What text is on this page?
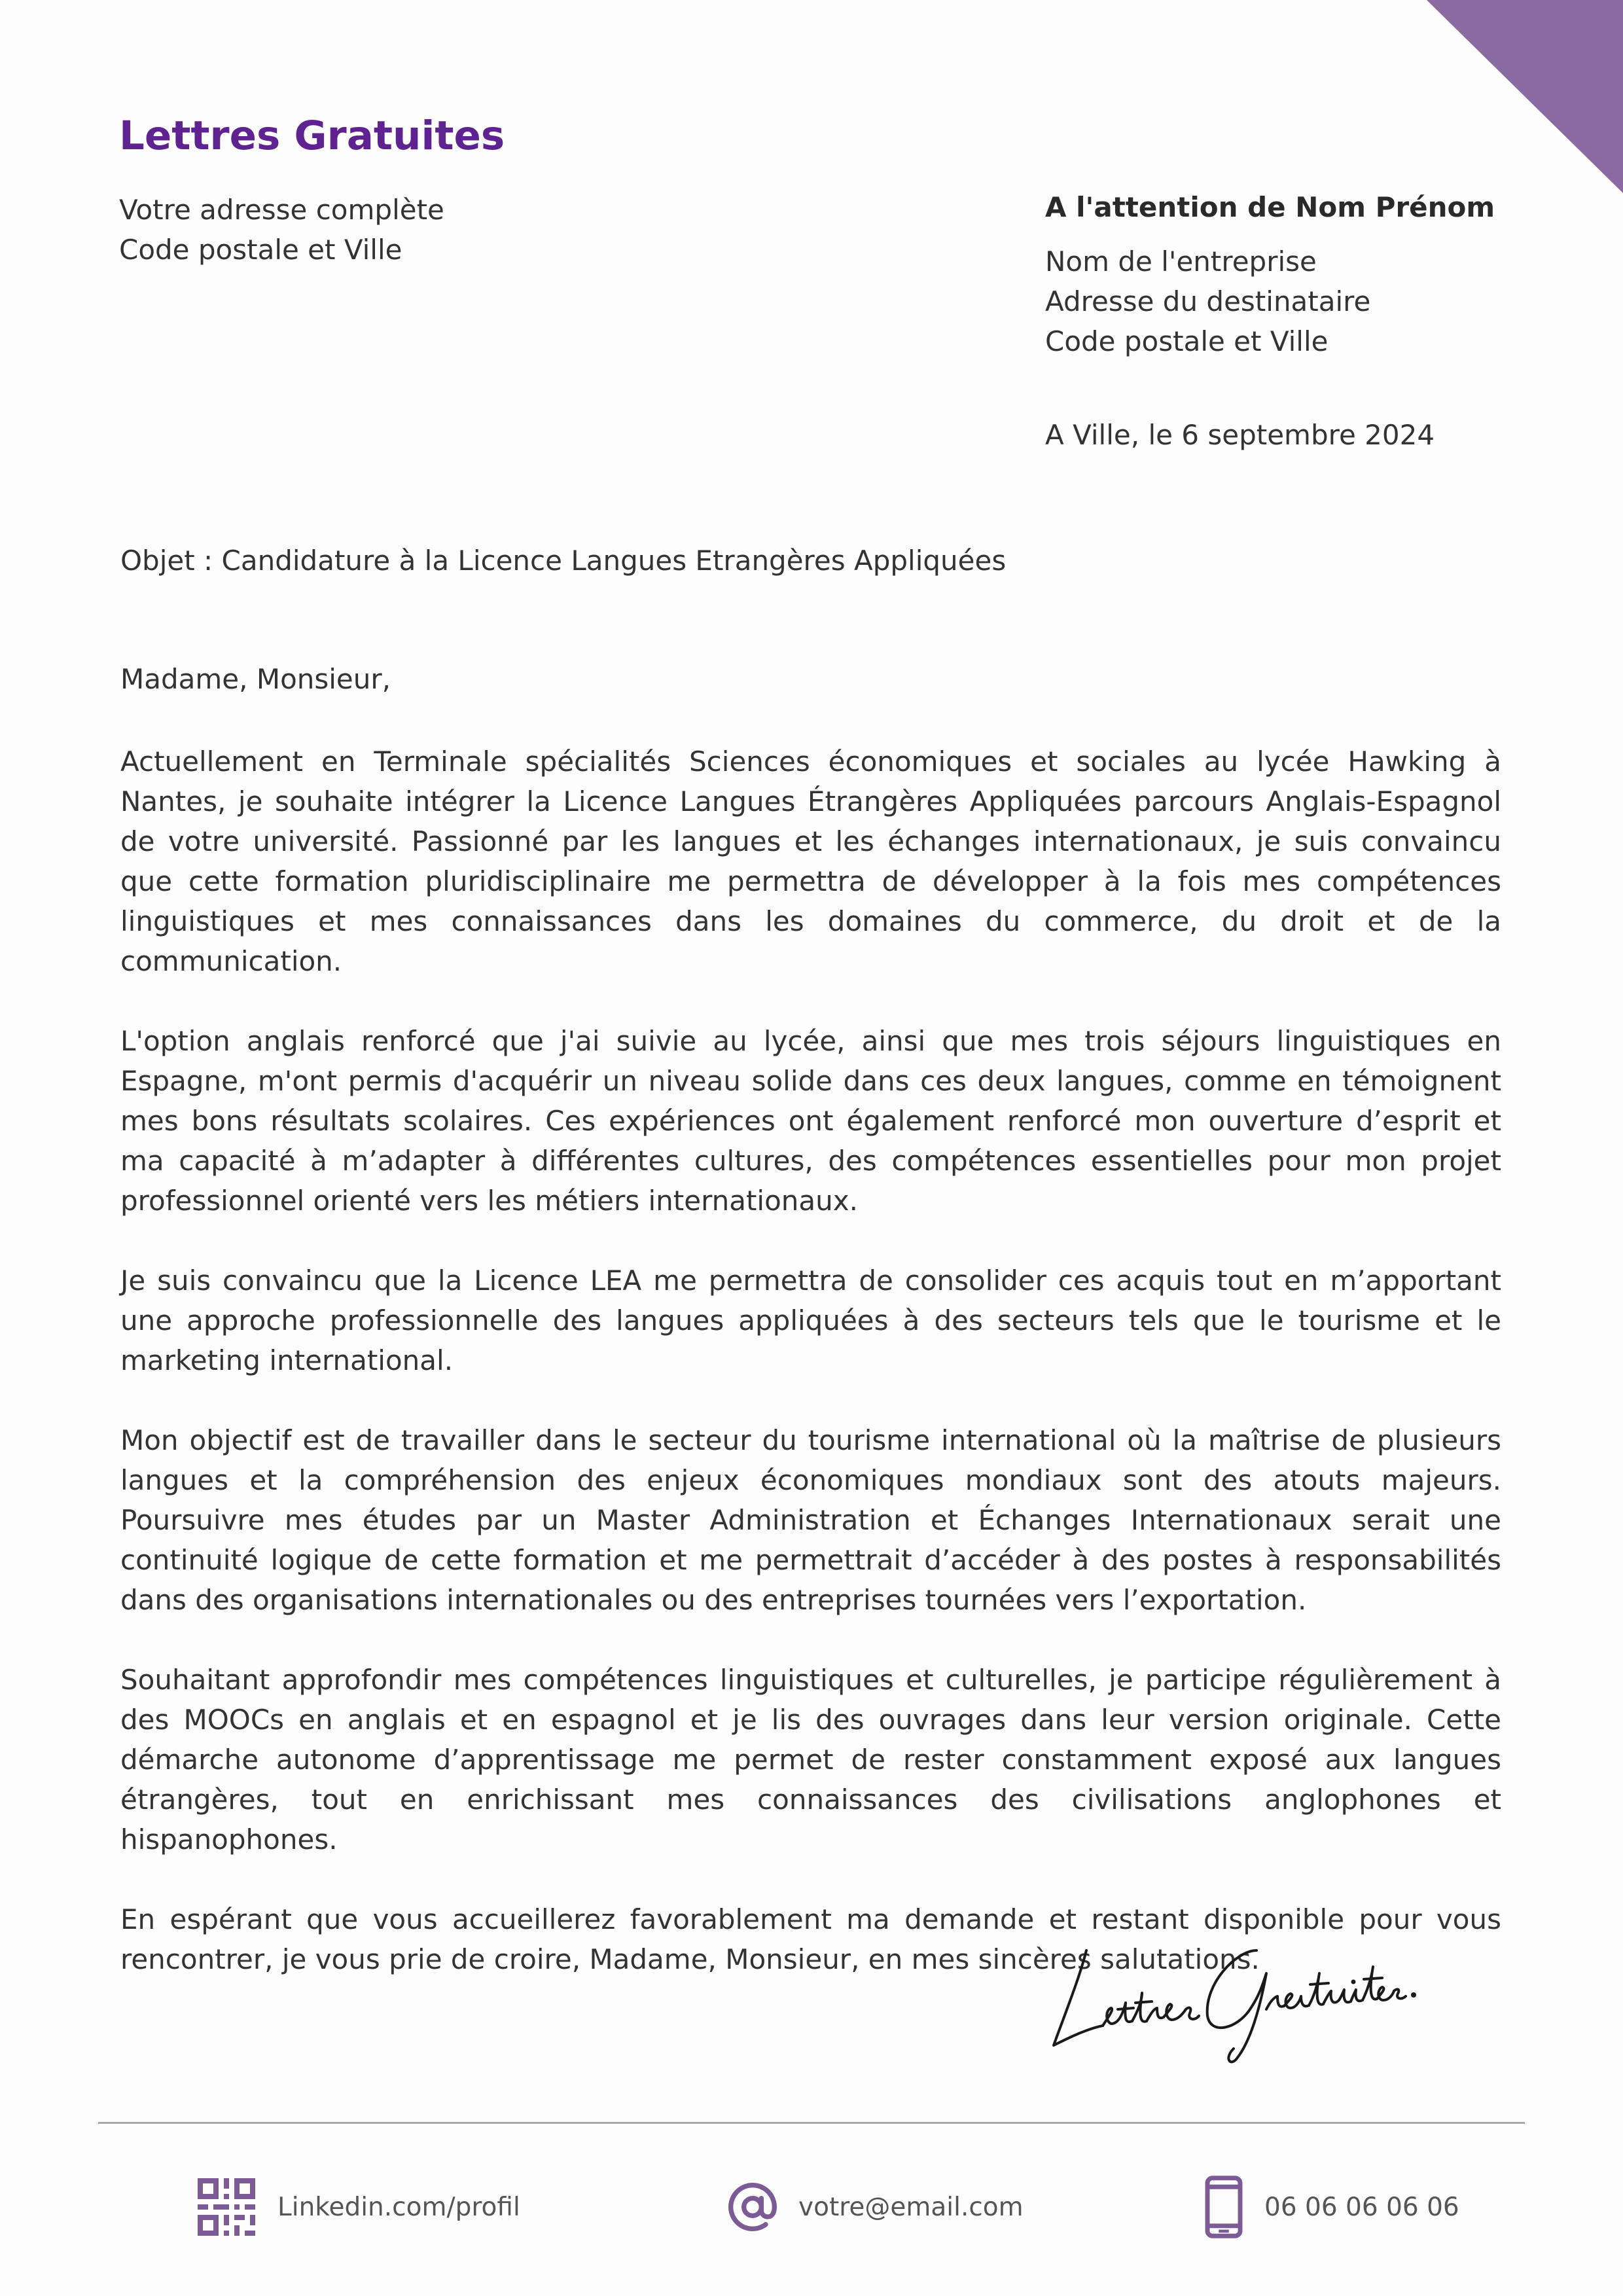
Lettres Gratuites
Votre adresse complète
Code postale et Ville
A l'attention de Nom Prénom
Nom de l'entreprise
Adresse du destinataire
Code postale et Ville
A Ville, le 6 septembre 2024
Objet : Candidature à la Licence Langues Etrangères Appliquées
Madame, Monsieur,

Actuellement en Terminale spécialités Sciences économiques et sociales au lycée Hawking à Nantes, je souhaite intégrer la Licence Langues Étrangères Appliquées parcours Anglais-Espagnol de votre université. Passionné par les langues et les échanges internationaux, je suis convaincu que cette formation pluridisciplinaire me permettra de développer à la fois mes compétences linguistiques et mes connaissances dans les domaines du commerce, du droit et de la communication.

L'option anglais renforcé que j'ai suivie au lycée, ainsi que mes trois séjours linguistiques en Espagne, m'ont permis d'acquérir un niveau solide dans ces deux langues, comme en témoignent mes bons résultats scolaires. Ces expériences ont également renforcé mon ouverture d’esprit et ma capacité à m’adapter à différentes cultures, des compétences essentielles pour mon projet professionnel orienté vers les métiers internationaux.

Je suis convaincu que la Licence LEA me permettra de consolider ces acquis tout en m’apportant une approche professionnelle des langues appliquées à des secteurs tels que le tourisme et le marketing international.

Mon objectif est de travailler dans le secteur du tourisme international où la maîtrise de plusieurs langues et la compréhension des enjeux économiques mondiaux sont des atouts majeurs. Poursuivre mes études par un Master Administration et Échanges Internationaux serait une continuité logique de cette formation et me permettrait d’accéder à des postes à responsabilités dans des organisations internationales ou des entreprises tournées vers l’exportation.

Souhaitant approfondir mes compétences linguistiques et culturelles, je participe régulièrement à des MOOCs en anglais et en espagnol et je lis des ouvrages dans leur version originale. Cette démarche autonome d’apprentissage me permet de rester constamment exposé aux langues étrangères, tout en enrichissant mes connaissances des civilisations anglophones et hispanophones.

En espérant que vous accueillerez favorablement ma demande et restant disponible pour vous rencontrer, je vous prie de croire, Madame, Monsieur, en mes sincères salutations.

Linkedin.com/profil	votre@email.com	06 06 06 06 06
